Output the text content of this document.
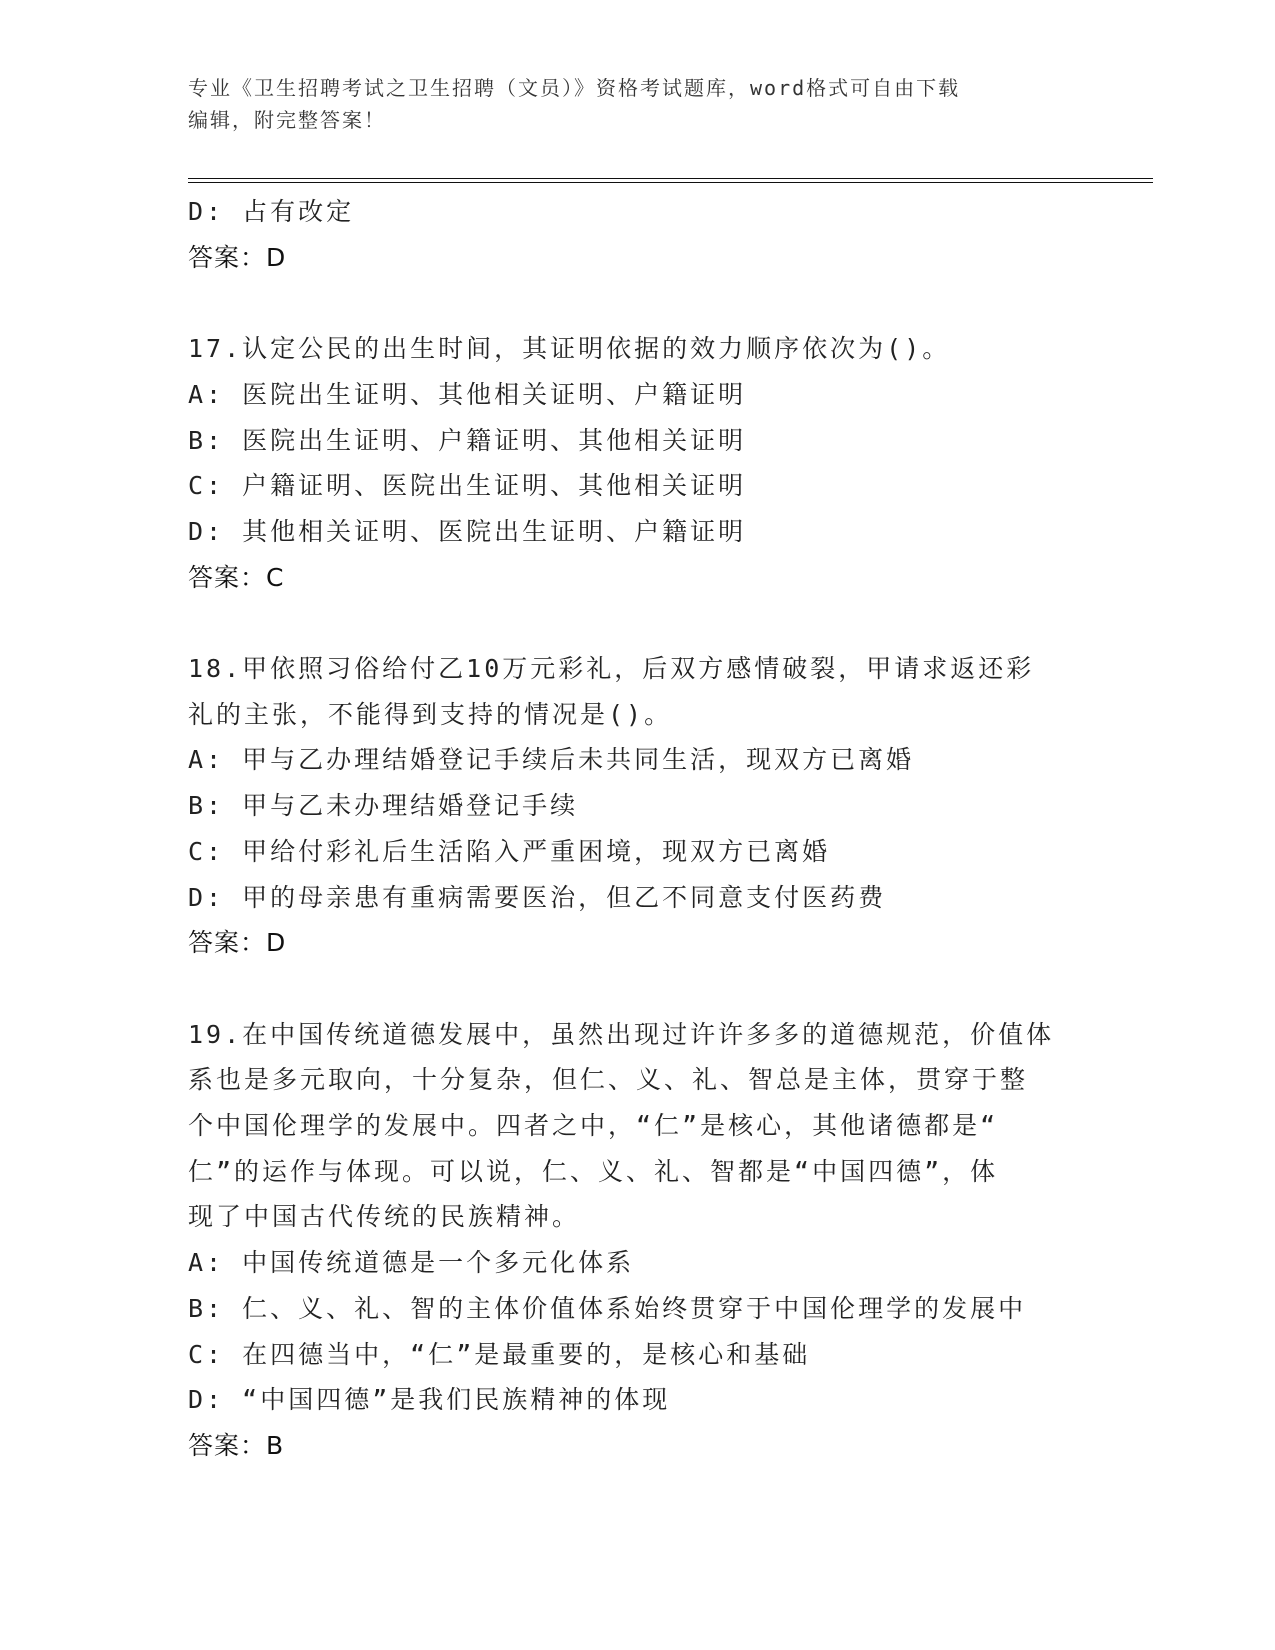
专业《卫生招聘考试之卫生招聘（文员）》资格考试题库，word格式可自由下载
编辑，附完整答案！
D: 占有改定
答案：D
17.认定公民的出生时间，其证明依据的效力顺序依次为()。
A: 医院出生证明、其他相关证明、户籍证明
B: 医院出生证明、户籍证明、其他相关证明
C: 户籍证明、医院出生证明、其他相关证明
D: 其他相关证明、医院出生证明、户籍证明
答案：C
18.甲依照习俗给付乙10万元彩礼，后双方感情破裂，甲请求返还彩
礼的主张，不能得到支持的情况是()。
A: 甲与乙办理结婚登记手续后未共同生活，现双方已离婚
B: 甲与乙未办理结婚登记手续
C: 甲给付彩礼后生活陷入严重困境，现双方已离婚
D: 甲的母亲患有重病需要医治，但乙不同意支付医药费
答案：D
19.在中国传统道德发展中，虽然出现过许许多多的道德规范，价值体
系也是多元取向，十分复杂，但仁、义、礼、智总是主体，贯穿于整
个中国伦理学的发展中。四者之中，“仁”是核心，其他诸德都是“
仁”的运作与体现。可以说，仁、义、礼、智都是“中国四德”，体
现了中国古代传统的民族精神。
A: 中国传统道德是一个多元化体系
B: 仁、义、礼、智的主体价值体系始终贯穿于中国伦理学的发展中
C: 在四德当中，“仁”是最重要的，是核心和基础
D: “中国四德”是我们民族精神的体现
答案：B
